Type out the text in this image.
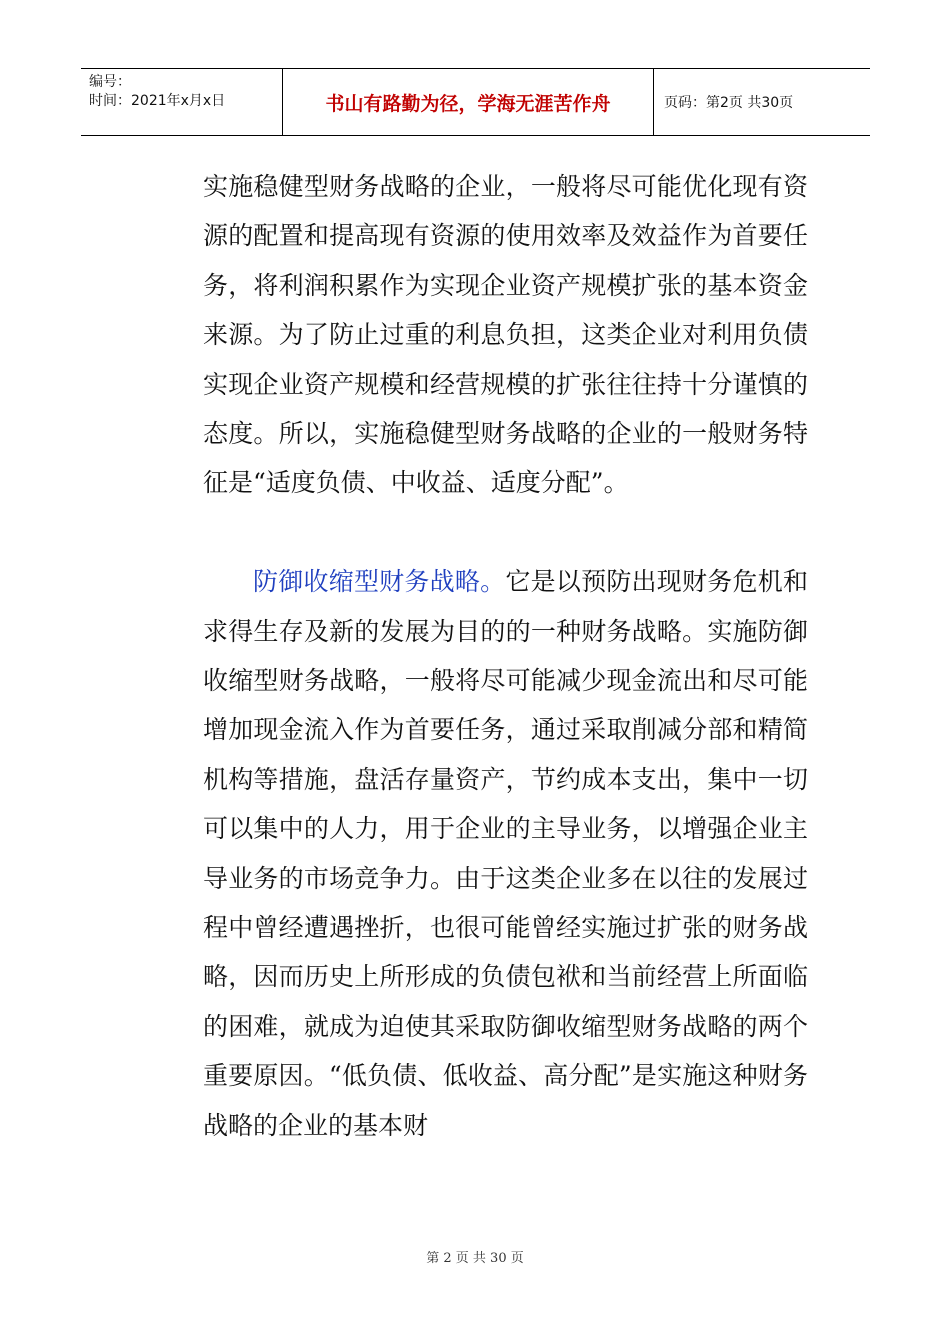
编号：
时间：2021年x月x日	书山有路勤为径，学海无涯苦作舟	页码：第2页 共30页

实施稳健型财务战略的企业，一般将尽可能优化现有资源的配置和提高现有资源的使用效率及效益作为首要任务，将利润积累作为实现企业资产规模扩张的基本资金来源。为了防止过重的利息负担，这类企业对利用负债实现企业资产规模和经营规模的扩张往往持十分谨慎的态度。所以，实施稳健型财务战略的企业的一般财务特征是“适度负债、中收益、适度分配”。

防御收缩型财务战略。它是以预防出现财务危机和求得生存及新的发展为目的的一种财务战略。实施防御收缩型财务战略，一般将尽可能减少现金流出和尽可能增加现金流入作为首要任务，通过采取削减分部和精简机构等措施，盘活存量资产，节约成本支出，集中一切可以集中的人力，用于企业的主导业务，以增强企业主导业务的市场竞争力。由于这类企业多在以往的发展过程中曾经遭遇挫折，也很可能曾经实施过扩张的财务战略，因而历史上所形成的负债包袱和当前经营上所面临的困难，就成为迫使其采取防御收缩型财务战略的两个重要原因。“低负债、低收益、高分配”是实施这种财务战略的企业的基本财

第 2 页 共 30 页
